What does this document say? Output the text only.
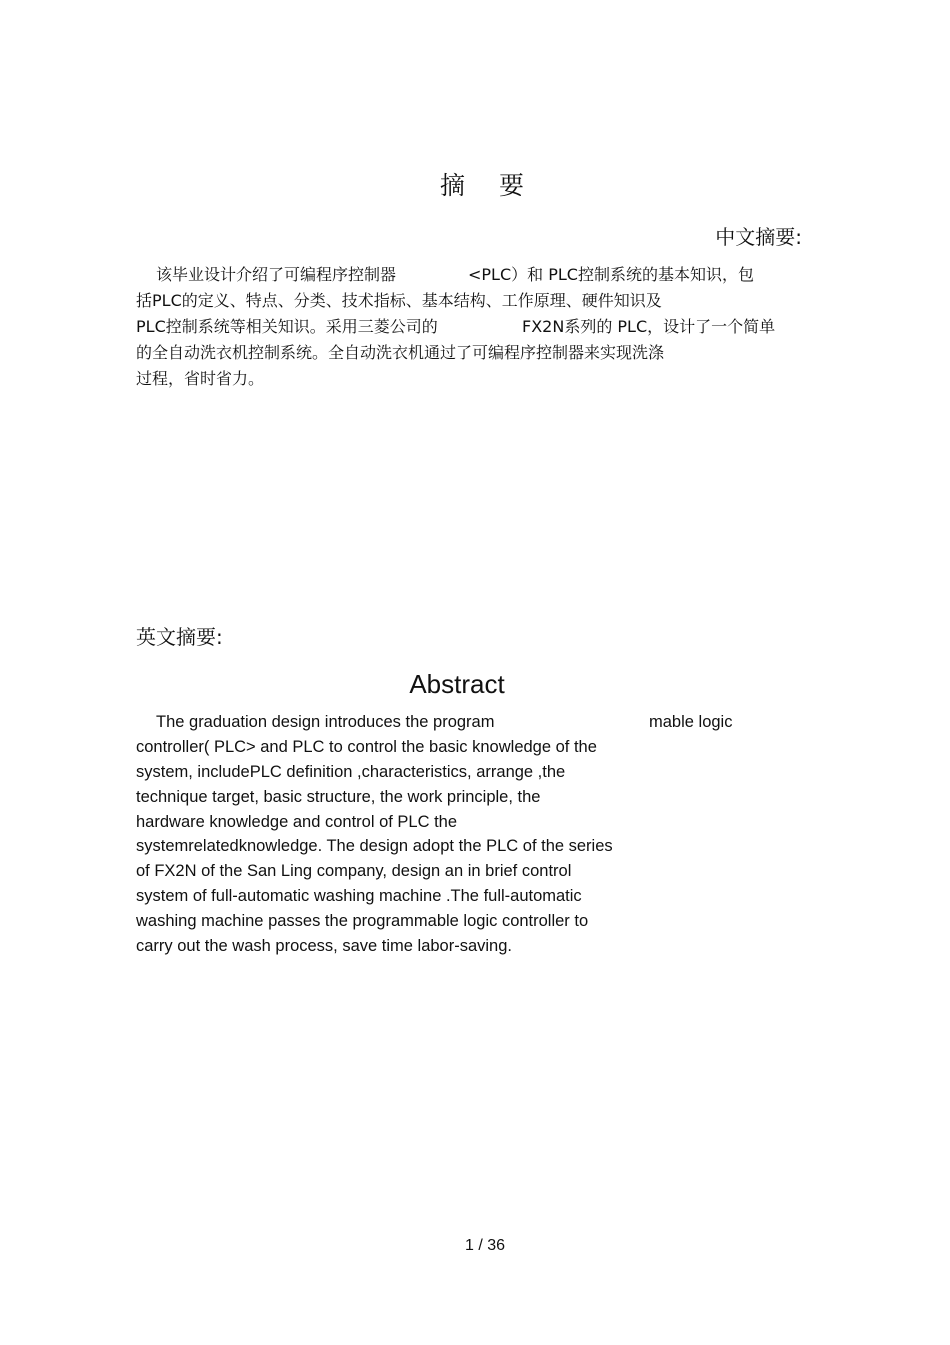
摘 要
中文摘要:
该毕业设计介绍了可编程序控制器	<PLC）和 PLC控制系统的基本知识，包
括PLC的定义、特点、分类、技术指标、基本结构、工作原理、硬件知识及
PLC控制系统等相关知识。采用三菱公司的	FX2N系列的 PLC，设计了一个简单
的全自动洗衣机控制系统。全自动洗衣机通过了可编程序控制器来实现洗涤
过程，省时省力。
英文摘要:
Abstract
The graduation design introduces the program	mable logic
controller( PLC> and PLC to control the basic knowledge of the
system, includePLC definition ,characteristics, arrange ,the
technique target, basic structure, the work principle, the
hardware knowledge and control of PLC the
systemrelatedknowledge. The design adopt the PLC of the series
of FX2N of the San Ling company, design an in brief control
system of full-automatic washing machine .The full-automatic
washing machine passes the programmable logic controller to
carry out the wash process, save time labor-saving.
1 / 36
